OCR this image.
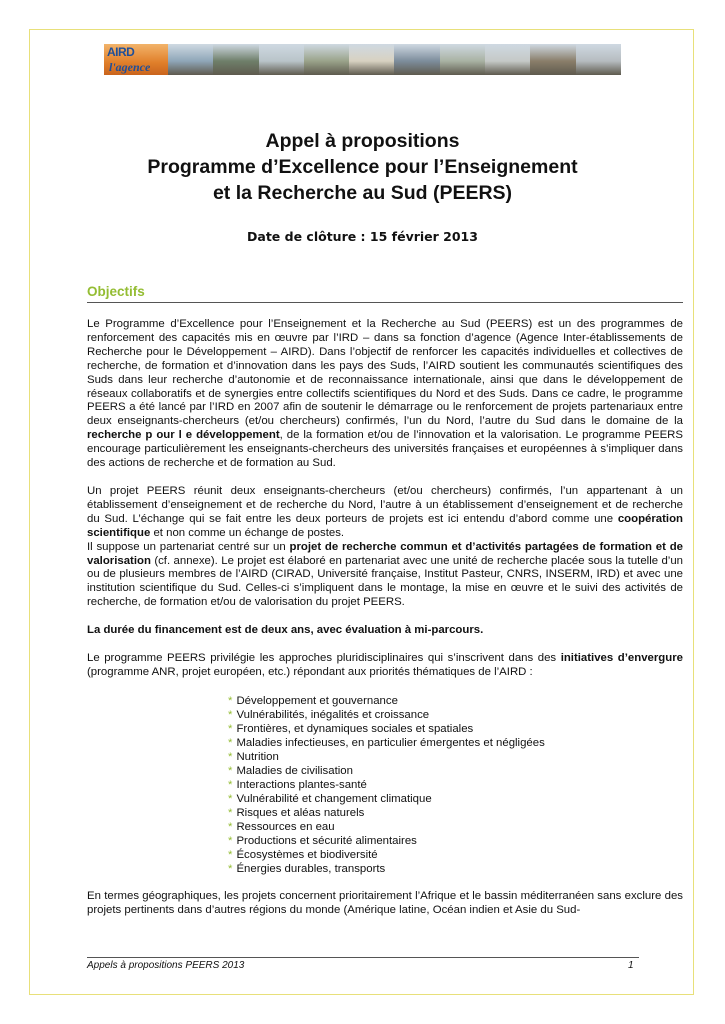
AIRD
l'agence
Appel à propositions
Programme d’Excellence pour l’Enseignement
et la Recherche au Sud (PEERS)
Date de clôture : 15 février 2013
Objectifs

Le Programme d’Excellence pour l’Enseignement et la Recherche au Sud (PEERS) est un des programmes de renforcement des capacités mis en œuvre par l’IRD – dans sa fonction d’agence (Agence Inter-établissements de Recherche pour le Développement – AIRD). Dans l’objectif de renforcer les capacités individuelles et collectives de recherche, de formation et d’innovation dans les pays des Suds, l’AIRD soutient les communautés scientifiques des Suds dans leur recherche d’autonomie et de reconnaissance internationale, ainsi que dans le développement de réseaux collaboratifs et de synergies entre collectifs scientifiques du Nord et des Suds. Dans ce cadre, le programme PEERS a été lancé par l’IRD en 2007 afin de soutenir le démarrage ou le renforcement de projets partenariaux entre deux enseignants-chercheurs (et/ou chercheurs) confirmés, l’un du Nord, l’autre du Sud dans le domaine de la recherche p our l e développement, de la formation et/ou de l’innovation et la valorisation. Le programme PEERS encourage particulièrement les enseignants-chercheurs des universités françaises et européennes à s’impliquer dans des actions de recherche et de formation au Sud.

Un projet PEERS réunit deux enseignants-chercheurs (et/ou chercheurs) confirmés, l’un appartenant à un établissement d’enseignement et de recherche du Nord, l’autre à un établissement d’enseignement et de recherche du Sud. L’échange qui se fait entre les deux porteurs de projets est ici entendu d’abord comme une coopération scientifique et non comme un échange de postes.

Il suppose un partenariat centré sur un projet de recherche commun et d’activités partagées de formation et de valorisation (cf. annexe). Le projet est élaboré en partenariat avec une unité de recherche placée sous la tutelle d’un ou de plusieurs membres de l’AIRD (CIRAD, Université française, Institut Pasteur, CNRS, INSERM, IRD) et avec une institution scientifique du Sud. Celles-ci s’impliquent dans le montage, la mise en œuvre et le suivi des activités de recherche, de formation et/ou de valorisation du projet PEERS.

La durée du financement est de deux ans, avec évaluation à mi-parcours.

Le programme PEERS privilégie les approches pluridisciplinaires qui s’inscrivent dans des initiatives d’envergure (programme ANR, projet européen, etc.) répondant aux priorités thématiques de l’AIRD :

* Développement et gouvernance
* Vulnérabilités, inégalités et croissance
* Frontières, et dynamiques sociales et spatiales
* Maladies infectieuses, en particulier émergentes et négligées
* Nutrition
* Maladies de civilisation
* Interactions plantes-santé
* Vulnérabilité et changement climatique
* Risques et aléas naturels
* Ressources en eau
* Productions et sécurité alimentaires
* Écosystèmes et biodiversité
* Énergies durables, transports

En termes géographiques, les projets concernent prioritairement l’Afrique et le bassin méditerranéen sans exclure des projets pertinents dans d’autres régions du monde (Amérique latine, Océan indien et Asie du Sud-

Appels à propositions PEERS 2013	1
